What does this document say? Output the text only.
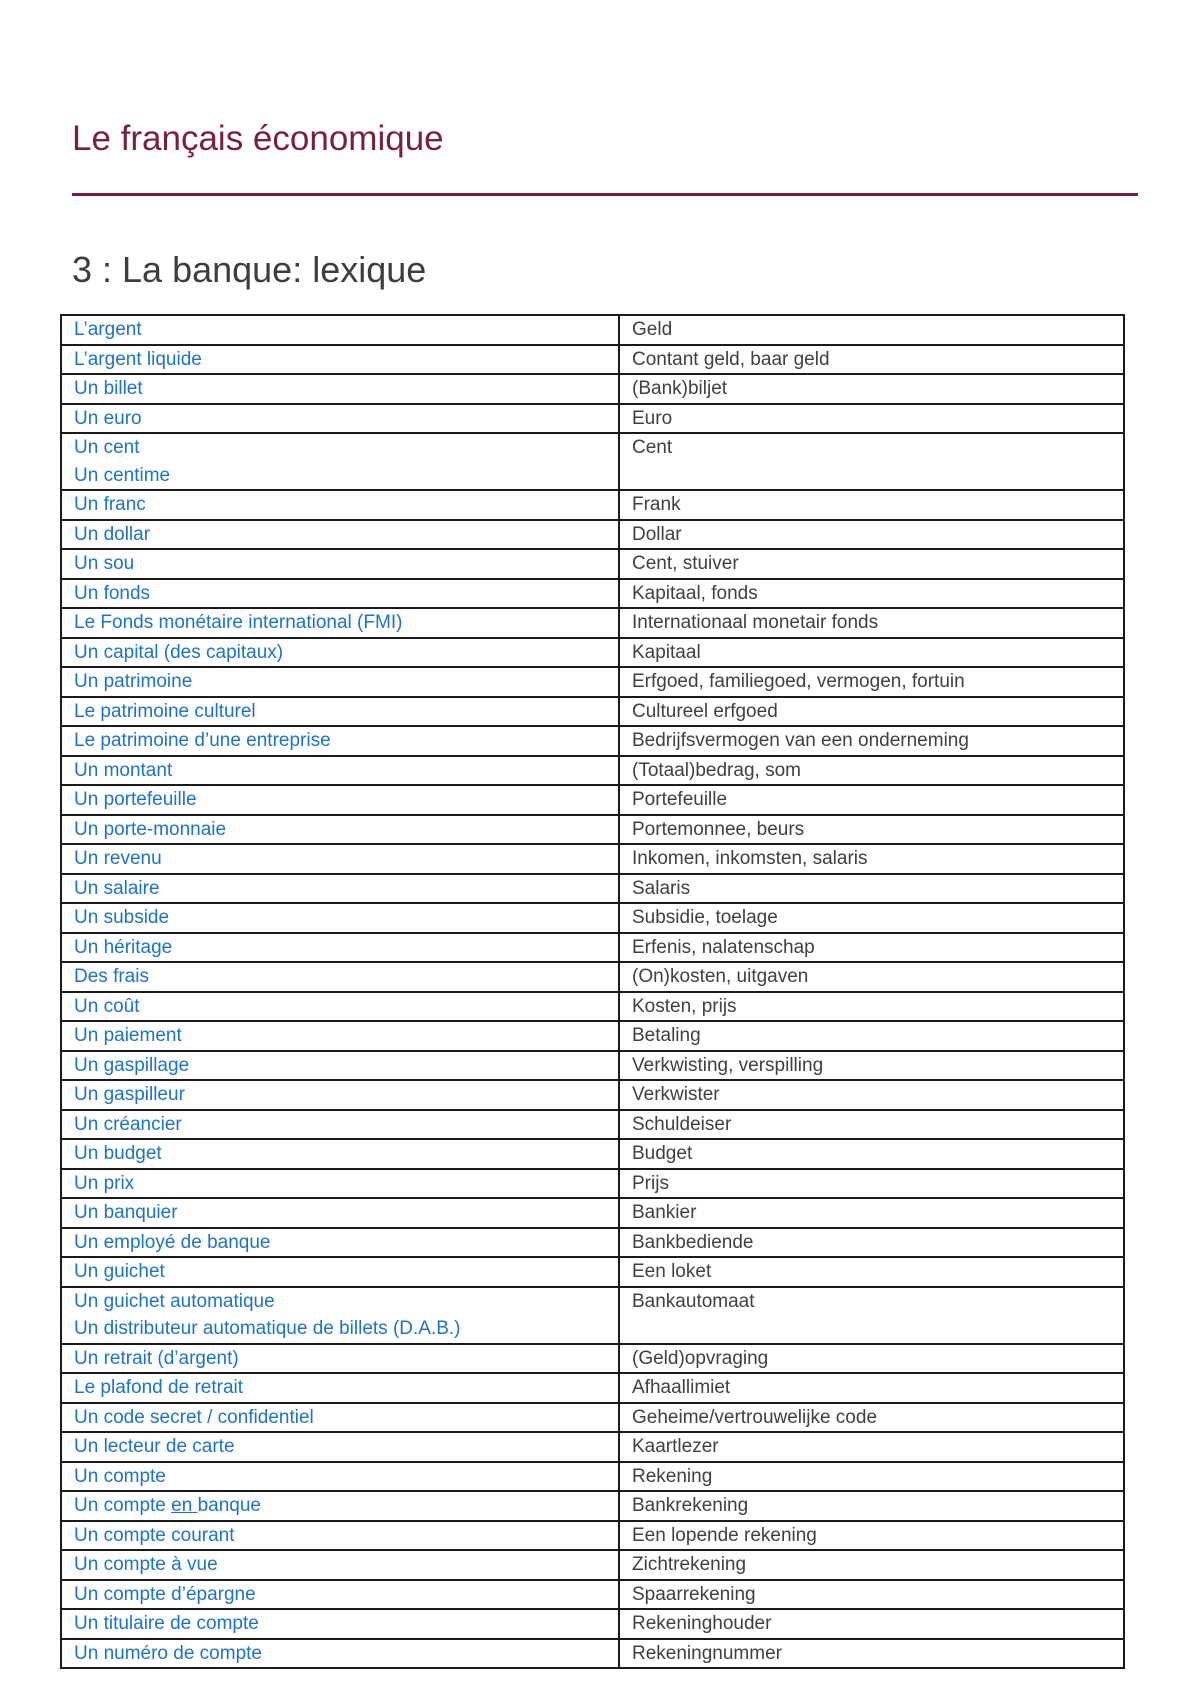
Le français économique
3 : La banque: lexique
L’argent	Geld

L’argent liquide	Contant geld, baar geld

Un billet	(Bank)biljet

Un euro	Euro

Un cent
Un centime	Cent

Un franc	Frank

Un dollar	Dollar

Un sou	Cent, stuiver

Un fonds	Kapitaal, fonds

Le Fonds monétaire international (FMI)	Internationaal monetair fonds

Un capital (des capitaux)	Kapitaal

Un patrimoine	Erfgoed, familiegoed, vermogen, fortuin

Le patrimoine culturel	Cultureel erfgoed

Le patrimoine d’une entreprise	Bedrijfsvermogen van een onderneming

Un montant	(Totaal)bedrag, som

Un portefeuille	Portefeuille

Un porte-monnaie	Portemonnee, beurs

Un revenu	Inkomen, inkomsten, salaris

Un salaire	Salaris

Un subside	Subsidie, toelage

Un héritage	Erfenis, nalatenschap

Des frais	(On)kosten, uitgaven

Un coût	Kosten, prijs

Un paiement	Betaling

Un gaspillage	Verkwisting, verspilling

Un gaspilleur	Verkwister

Un créancier	Schuldeiser

Un budget	Budget

Un prix	Prijs

Un banquier	Bankier

Un employé de banque	Bankbediende

Un guichet	Een loket

Un guichet automatique
Un distributeur automatique de billets (D.A.B.)	Bankautomaat

Un retrait (d’argent)	(Geld)opvraging

Le plafond de retrait	Afhaallimiet

Un code secret / confidentiel	Geheime/vertrouwelijke code

Un lecteur de carte	Kaartlezer

Un compte	Rekening

Un compte en banque	Bankrekening

Un compte courant	Een lopende rekening

Un compte à vue	Zichtrekening

Un compte d’épargne	Spaarrekening

Un titulaire de compte	Rekeninghouder

Un numéro de compte	Rekeningnummer
